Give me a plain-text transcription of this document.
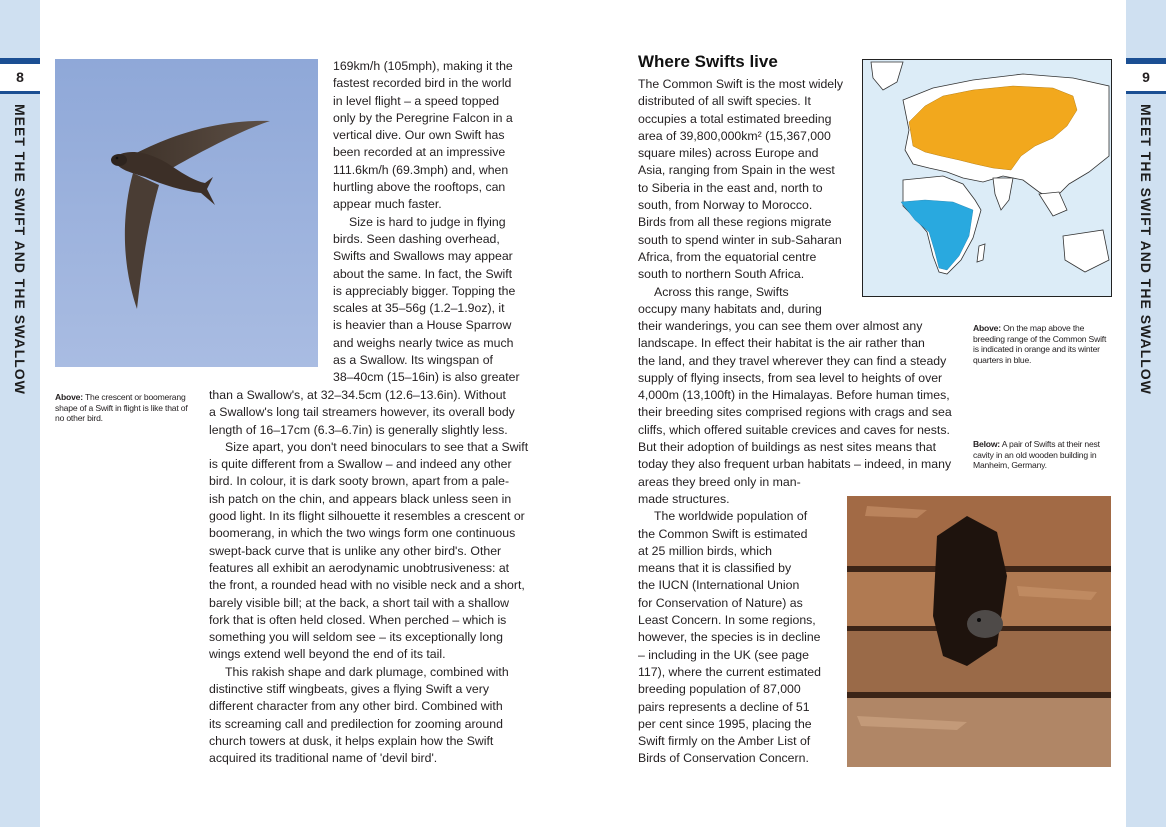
8
MEET THE SWIFT AND THE SWALLOW
Above: The crescent or boomerang shape of a Swift in flight is like that of no other bird.

169km/h (105mph), making it the

fastest recorded bird in the world

in level flight – a speed topped

only by the Peregrine Falcon in a

vertical dive. Our own Swift has

been recorded at an impressive

111.6km/h (69.3mph) and, when

hurtling above the rooftops, can

appear much faster.

Size is hard to judge in flying

birds. Seen dashing overhead,

Swifts and Swallows may appear

about the same. In fact, the Swift

is appreciably bigger. Topping the

scales at 35–56g (1.2–1.9oz), it

is heavier than a House Sparrow

and weighs nearly twice as much

as a Swallow. Its wingspan of

38–40cm (15–16in) is also greater

than a Swallow's, at 32–34.5cm (12.6–13.6in). Without

a Swallow's long tail streamers however, its overall body

length of 16–17cm (6.3–6.7in) is generally slightly less.

Size apart, you don't need binoculars to see that a Swift

is quite different from a Swallow – and indeed any other

bird. In colour, it is dark sooty brown, apart from a pale-

ish patch on the chin, and appears black unless seen in

good light. In its flight silhouette it resembles a crescent or

boomerang, in which the two wings form one continuous

swept-back curve that is unlike any other bird's. Other

features all exhibit an aerodynamic unobtrusiveness: at

the front, a rounded head with no visible neck and a short,

barely visible bill; at the back, a short tail with a shallow

fork that is often held closed. When perched – which is

something you will seldom see – its exceptionally long

wings extend well beyond the end of its tail.

This rakish shape and dark plumage, combined with

distinctive stiff wingbeats, gives a flying Swift a very

different character from any other bird. Combined with

its screaming call and predilection for zooming around

church towers at dusk, it helps explain how the Swift

acquired its traditional name of 'devil bird'.

Where Swifts live

The Common Swift is the most widely

distributed of all swift species. It

occupies a total estimated breeding

area of 39,800,000km² (15,367,000

square miles) across Europe and

Asia, ranging from Spain in the west

to Siberia in the east and, north to

south, from Norway to Morocco.

Birds from all these regions migrate

south to spend winter in sub-Saharan

Africa, from the equatorial centre

south to northern South Africa.

Across this range, Swifts

occupy many habitats and, during

their wanderings, you can see them over almost any

landscape. In effect their habitat is the air rather than

the land, and they travel wherever they can find a steady

supply of flying insects, from sea level to heights of over

4,000m (13,100ft) in the Himalayas. Before human times,

their breeding sites comprised regions with crags and sea

cliffs, which offered suitable crevices and caves for nests.

But their adoption of buildings as nest sites means that

today they also frequent urban habitats – indeed, in many

areas they breed only in man-

made structures.

The worldwide population of

the Common Swift is estimated

at 25 million birds, which

means that it is classified by

the IUCN (International Union

for Conservation of Nature) as

Least Concern. In some regions,

however, the species is in decline

– including in the UK (see page

117), where the current estimated

breeding population of 87,000

pairs represents a decline of 51

per cent since 1995, placing the

Swift firmly on the Amber List of

Birds of Conservation Concern.

Above: On the map above the breeding range of the Common Swift is indicated in orange and its winter quarters in blue.
Below: A pair of Swifts at their nest cavity in an old wooden building in Manheim, Germany.
9
MEET THE SWIFT AND THE SWALLOW
